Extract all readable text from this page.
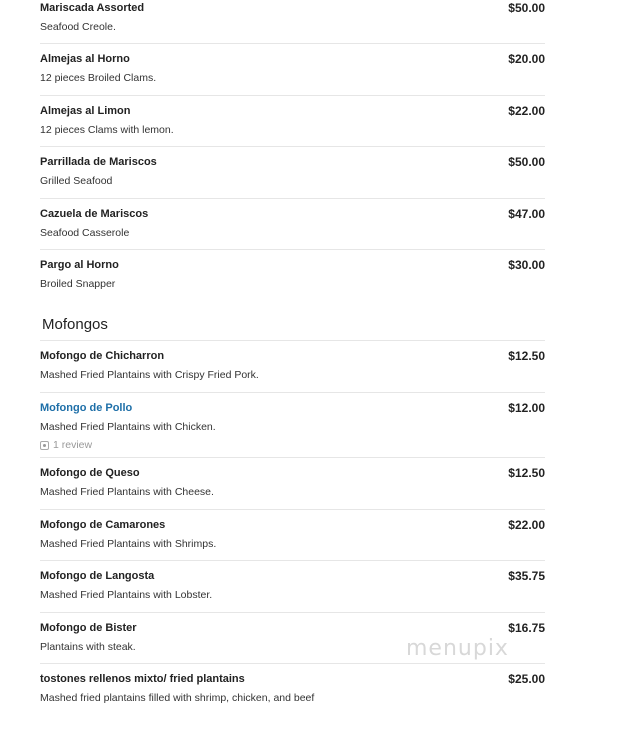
Mariscada Assorted	$50.00
Seafood Creole.
Almejas al Horno	$20.00
12 pieces Broiled Clams.
Almejas al Limon	$22.00
12 pieces Clams with lemon.
Parrillada de Mariscos	$50.00
Grilled Seafood
Cazuela de Mariscos	$47.00
Seafood Casserole
Pargo al Horno	$30.00
Broiled Snapper
Mofongos
Mofongo de Chicharron	$12.50
Mashed Fried Plantains with Crispy Fried Pork.
Mofongo de Pollo	$12.00
Mashed Fried Plantains with Chicken.
1 review
Mofongo de Queso	$12.50
Mashed Fried Plantains with Cheese.
Mofongo de Camarones	$22.00
Mashed Fried Plantains with Shrimps.
Mofongo de Langosta	$35.75
Mashed Fried Plantains with Lobster.
Mofongo de Bister	$16.75
Plantains with steak.
tostones rellenos mixto/ fried plantains	$25.00
Mashed fried plantains filled with shrimp, chicken, and beef
menupix
